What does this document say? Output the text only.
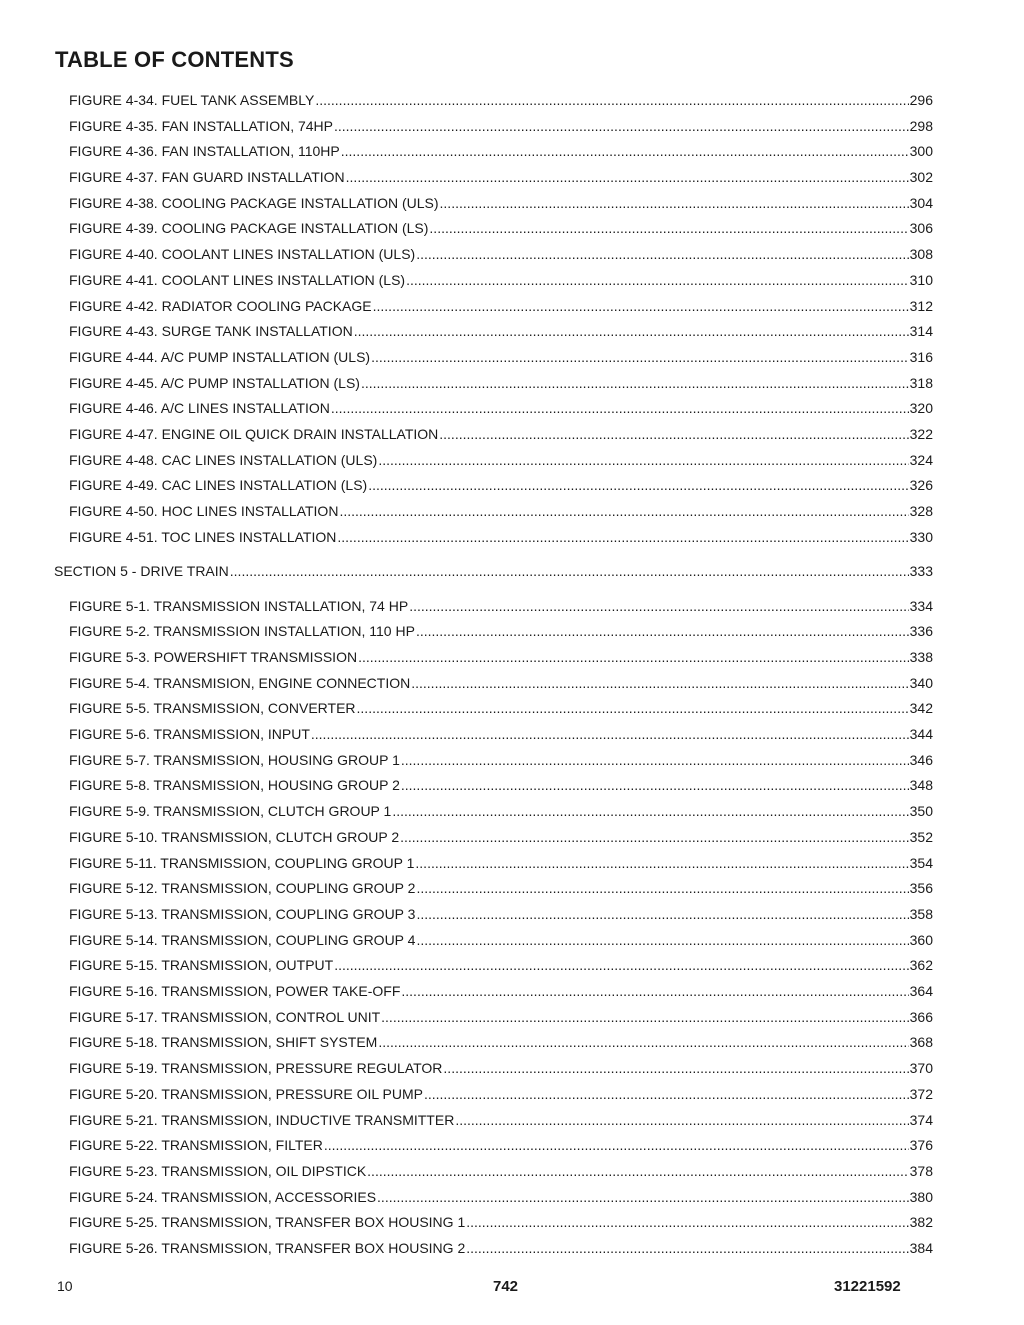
TABLE OF CONTENTS
FIGURE 4-34. FUEL TANK ASSEMBLY .....	296
FIGURE 4-35. FAN INSTALLATION, 74HP .....	298
FIGURE 4-36. FAN INSTALLATION, 110HP .....	300
FIGURE 4-37. FAN GUARD INSTALLATION .....	302
FIGURE 4-38. COOLING PACKAGE INSTALLATION (ULS) .....	304
FIGURE 4-39. COOLING PACKAGE INSTALLATION (LS) .....	306
FIGURE 4-40. COOLANT LINES INSTALLATION (ULS) .....	308
FIGURE 4-41. COOLANT LINES INSTALLATION (LS) .....	310
FIGURE 4-42. RADIATOR COOLING PACKAGE .....	312
FIGURE 4-43. SURGE TANK INSTALLATION .....	314
FIGURE 4-44. A/C PUMP INSTALLATION (ULS) .....	316
FIGURE 4-45. A/C PUMP INSTALLATION (LS) .....	318
FIGURE 4-46. A/C LINES INSTALLATION .....	320
FIGURE 4-47. ENGINE OIL QUICK DRAIN INSTALLATION .....	322
FIGURE 4-48. CAC LINES INSTALLATION (ULS) .....	324
FIGURE 4-49. CAC LINES INSTALLATION (LS) .....	326
FIGURE 4-50. HOC LINES INSTALLATION .....	328
FIGURE 4-51. TOC LINES INSTALLATION .....	330
SECTION 5 - DRIVE TRAIN .....	333
FIGURE 5-1. TRANSMISSION INSTALLATION, 74 HP .....	334
FIGURE 5-2. TRANSMISSION INSTALLATION, 110 HP .....	336
FIGURE 5-3. POWERSHIFT TRANSMISSION .....	338
FIGURE 5-4. TRANSMISION, ENGINE CONNECTION .....	340
FIGURE 5-5. TRANSMISSION, CONVERTER .....	342
FIGURE 5-6. TRANSMISSION, INPUT .....	344
FIGURE 5-7. TRANSMISSION, HOUSING GROUP 1 .....	346
FIGURE 5-8. TRANSMISSION, HOUSING GROUP 2 .....	348
FIGURE 5-9. TRANSMISSION, CLUTCH GROUP 1 .....	350
FIGURE 5-10. TRANSMISSION, CLUTCH GROUP 2 .....	352
FIGURE 5-11. TRANSMISSION, COUPLING GROUP 1 .....	354
FIGURE 5-12. TRANSMISSION, COUPLING GROUP 2 .....	356
FIGURE 5-13. TRANSMISSION, COUPLING GROUP 3 .....	358
FIGURE 5-14. TRANSMISSION, COUPLING GROUP 4 .....	360
FIGURE 5-15. TRANSMISSION, OUTPUT .....	362
FIGURE 5-16. TRANSMISSION, POWER TAKE-OFF .....	364
FIGURE 5-17. TRANSMISSION, CONTROL UNIT .....	366
FIGURE 5-18. TRANSMISSION, SHIFT SYSTEM .....	368
FIGURE 5-19. TRANSMISSION, PRESSURE REGULATOR .....	370
FIGURE 5-20. TRANSMISSION, PRESSURE OIL PUMP .....	372
FIGURE 5-21. TRANSMISSION, INDUCTIVE TRANSMITTER .....	374
FIGURE 5-22. TRANSMISSION, FILTER .....	376
FIGURE 5-23. TRANSMISSION, OIL DIPSTICK .....	378
FIGURE 5-24. TRANSMISSION, ACCESSORIES .....	380
FIGURE 5-25. TRANSMISSION, TRANSFER BOX HOUSING 1 .....	382
FIGURE 5-26. TRANSMISSION, TRANSFER BOX HOUSING 2 .....	384
10	742	31221592
